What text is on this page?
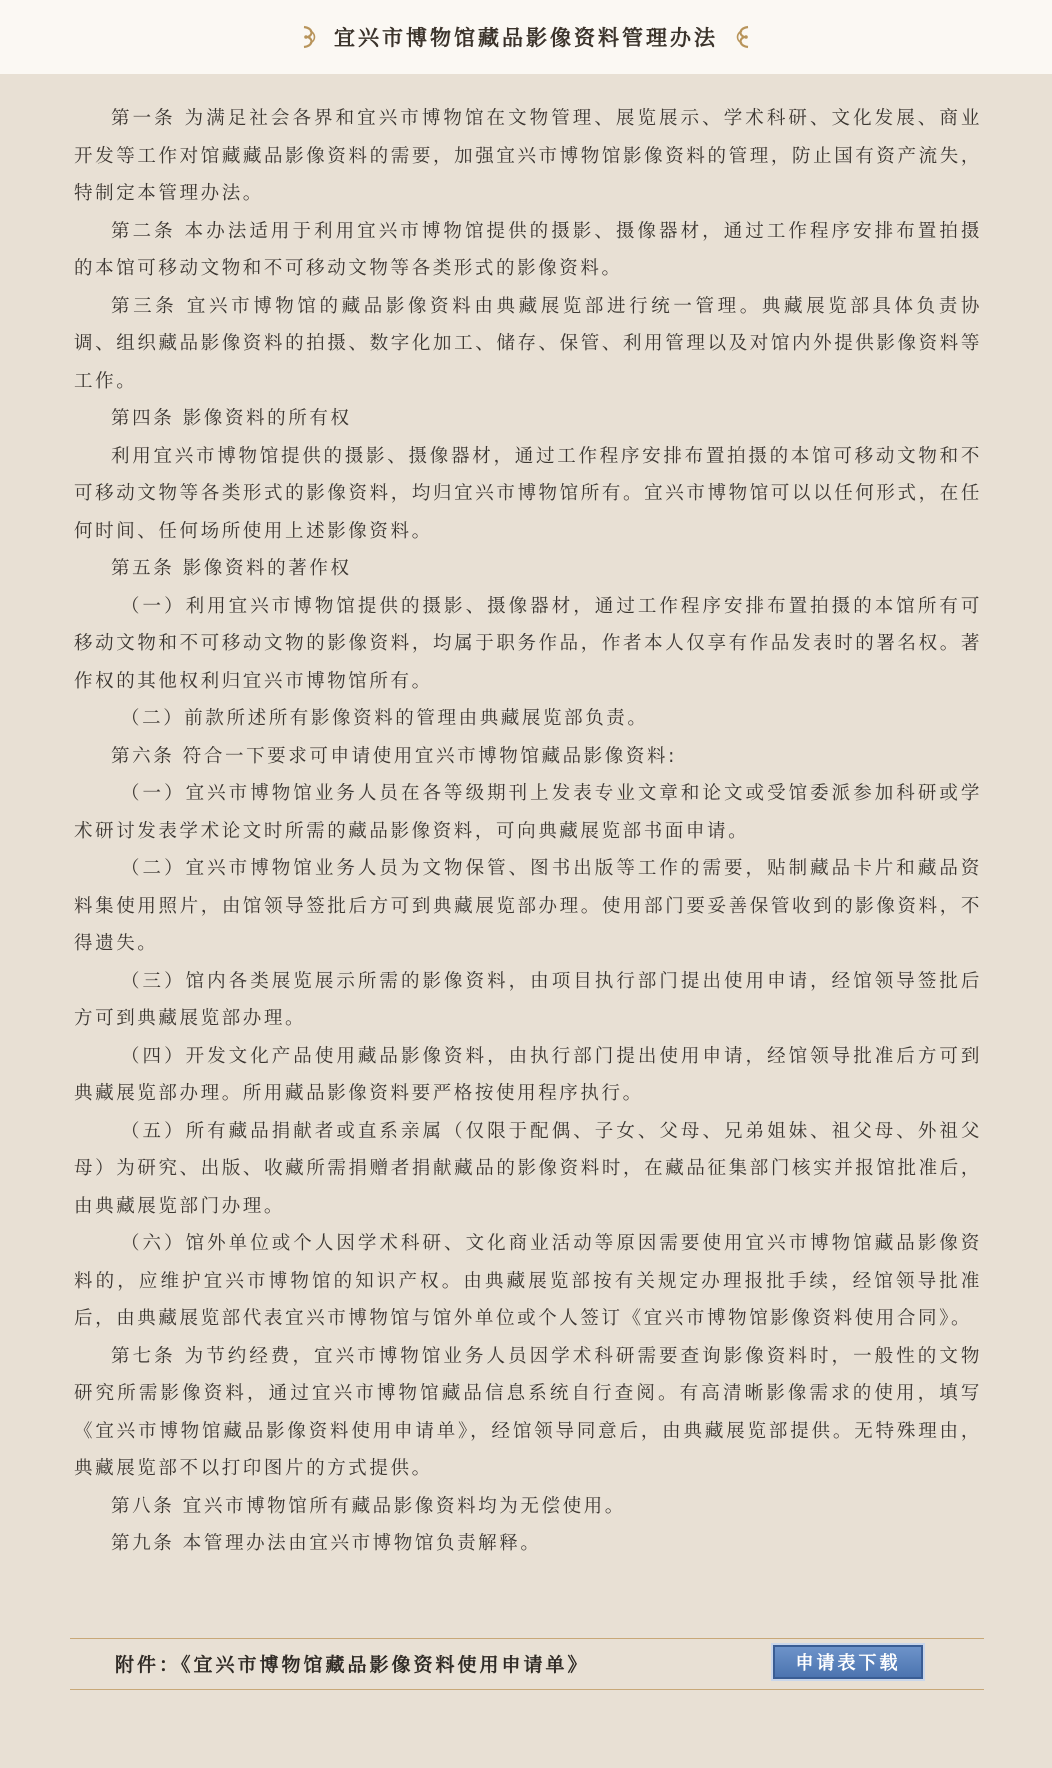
宜兴市博物馆藏品影像资料管理办法

第一条 为满足社会各界和宜兴市博物馆在文物管理、展览展示、学术科研、文化发展、商业开发等工作对馆藏藏品影像资料的需要，加强宜兴市博物馆影像资料的管理，防止国有资产流失，特制定本管理办法。

第二条 本办法适用于利用宜兴市博物馆提供的摄影、摄像器材，通过工作程序安排布置拍摄的本馆可移动文物和不可移动文物等各类形式的影像资料。

第三条 宜兴市博物馆的藏品影像资料由典藏展览部进行统一管理。典藏展览部具体负责协调、组织藏品影像资料的拍摄、数字化加工、储存、保管、利用管理以及对馆内外提供影像资料等工作。

第四条 影像资料的所有权

利用宜兴市博物馆提供的摄影、摄像器材，通过工作程序安排布置拍摄的本馆可移动文物和不可移动文物等各类形式的影像资料，均归宜兴市博物馆所有。宜兴市博物馆可以以任何形式，在任何时间、任何场所使用上述影像资料。

第五条 影像资料的著作权

（一）利用宜兴市博物馆提供的摄影、摄像器材，通过工作程序安排布置拍摄的本馆所有可移动文物和不可移动文物的影像资料，均属于职务作品，作者本人仅享有作品发表时的署名权。著作权的其他权利归宜兴市博物馆所有。

（二）前款所述所有影像资料的管理由典藏展览部负责。

第六条 符合一下要求可申请使用宜兴市博物馆藏品影像资料:

（一）宜兴市博物馆业务人员在各等级期刊上发表专业文章和论文或受馆委派参加科研或学术研讨发表学术论文时所需的藏品影像资料，可向典藏展览部书面申请。

（二）宜兴市博物馆业务人员为文物保管、图书出版等工作的需要，贴制藏品卡片和藏品资料集使用照片，由馆领导签批后方可到典藏展览部办理。使用部门要妥善保管收到的影像资料，不得遗失。

（三）馆内各类展览展示所需的影像资料，由项目执行部门提出使用申请，经馆领导签批后方可到典藏展览部办理。

（四）开发文化产品使用藏品影像资料，由执行部门提出使用申请，经馆领导批准后方可到典藏展览部办理。所用藏品影像资料要严格按使用程序执行。

（五）所有藏品捐献者或直系亲属（仅限于配偶、子女、父母、兄弟姐妹、祖父母、外祖父母）为研究、出版、收藏所需捐赠者捐献藏品的影像资料时，在藏品征集部门核实并报馆批准后，由典藏展览部门办理。

（六）馆外单位或个人因学术科研、文化商业活动等原因需要使用宜兴市博物馆藏品影像资料的，应维护宜兴市博物馆的知识产权。由典藏展览部按有关规定办理报批手续，经馆领导批准后，由典藏展览部代表宜兴市博物馆与馆外单位或个人签订《宜兴市博物馆影像资料使用合同》。

第七条 为节约经费，宜兴市博物馆业务人员因学术科研需要查询影像资料时，一般性的文物研究所需影像资料，通过宜兴市博物馆藏品信息系统自行查阅。有高清晰影像需求的使用，填写《宜兴市博物馆藏品影像资料使用申请单》，经馆领导同意后，由典藏展览部提供。无特殊理由，典藏展览部不以打印图片的方式提供。

第八条 宜兴市博物馆所有藏品影像资料均为无偿使用。

第九条 本管理办法由宜兴市博物馆负责解释。

附件：《宜兴市博物馆藏品影像资料使用申请单》	申请表下载
